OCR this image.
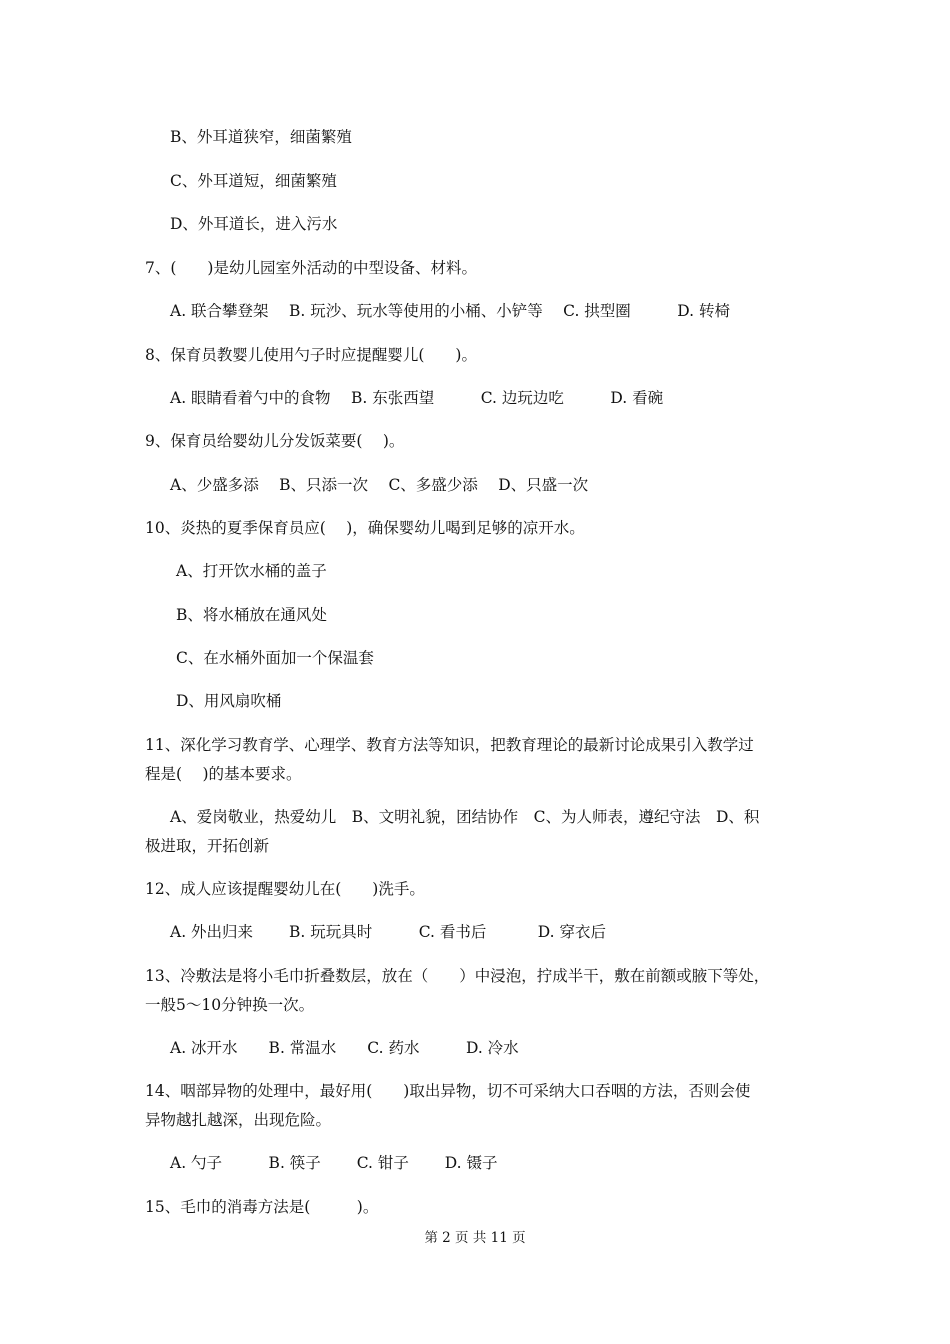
B、外耳道狭窄，细菌繁殖

C、外耳道短，细菌繁殖

D、外耳道长，进入污水

7、(　　)是幼儿园室外活动的中型设备、材料。

A. 联合攀登架　 B. 玩沙、玩水等使用的小桶、小铲等　 C. 拱型圈　　　D. 转椅

8、保育员教婴儿使用勺子时应提醒婴儿(　　)。

A. 眼睛看着勺中的食物　 B. 东张西望　　　C. 边玩边吃　　　D. 看碗

9、保育员给婴幼儿分发饭菜要(　 )。

A、少盛多添　 B、只添一次　 C、多盛少添　 D、只盛一次

10、炎热的夏季保育员应(　 )，确保婴幼儿喝到足够的凉开水。

A、打开饮水桶的盖子

B、将水桶放在通风处

C、在水桶外面加一个保温套

D、用风扇吹桶

11、深化学习教育学、心理学、教育方法等知识，把教育理论的最新讨论成果引入教学过

程是(　 )的基本要求。

A、爱岗敬业，热爱幼儿　B、文明礼貌，团结协作　C、为人师表，遵纪守法　D、积

极进取，开拓创新

12、成人应该提醒婴幼儿在(　　)洗手。

A. 外出归来　　 B. 玩玩具时　　　C. 看书后　　　 D. 穿衣后

13、冷敷法是将小毛巾折叠数层，放在（　　）中浸泡，拧成半干，敷在前额或腋下等处，

一般5～10分钟换一次。

A. 冰开水　　B. 常温水　　C. 药水　　　D. 冷水

14、咽部异物的处理中，最好用(　　)取出异物，切不可采纳大口吞咽的方法，否则会使

异物越扎越深，出现危险。

A. 勺子　　　B. 筷子　　 C. 钳子　　 D. 镊子

15、毛巾的消毒方法是(　　　)。

第 2 页 共 11 页
